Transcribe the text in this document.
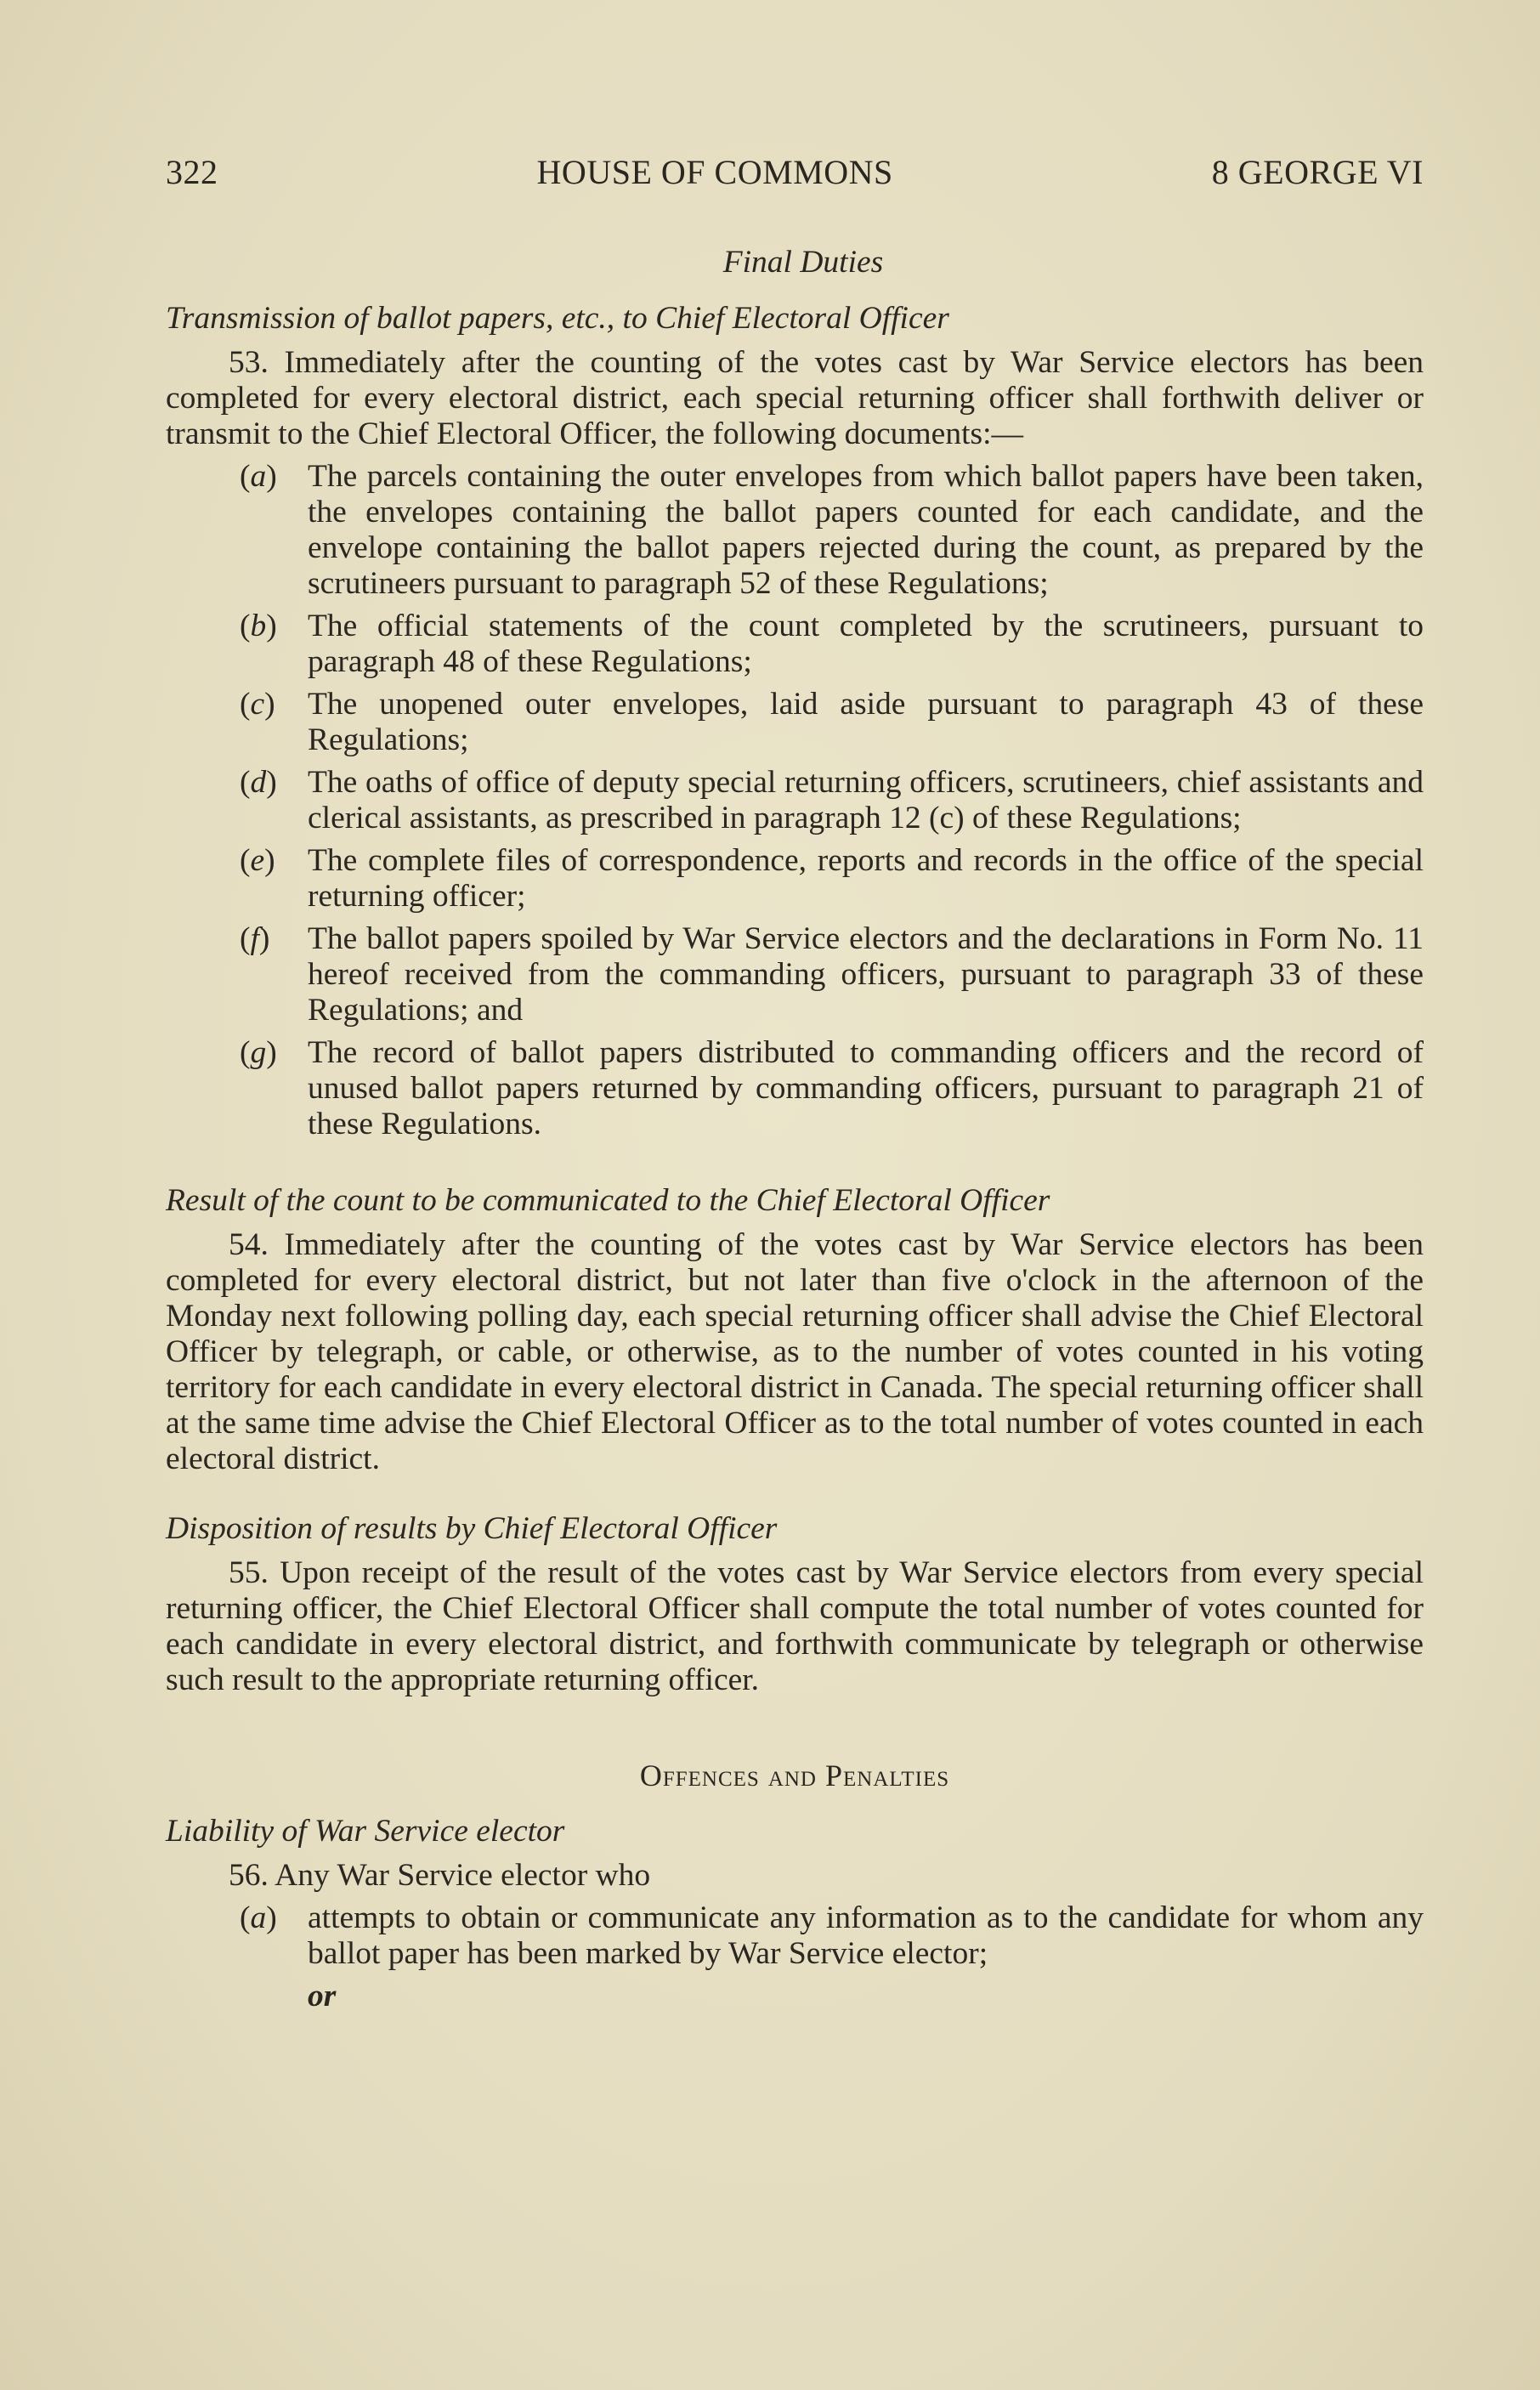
322	HOUSE OF COMMONS	8 GEORGE VI

Final Duties

Transmission of ballot papers, etc., to Chief Electoral Officer

53. Immediately after the counting of the votes cast by War Service electors has been completed for every electoral district, each special returning officer shall forthwith deliver or transmit to the Chief Electoral Officer, the following documents:—

(a) The parcels containing the outer envelopes from which ballot papers have been taken, the envelopes containing the ballot papers counted for each candidate, and the envelope containing the ballot papers rejected during the count, as prepared by the scrutineers pursuant to paragraph 52 of these Regulations;
(b) The official statements of the count completed by the scrutineers, pursuant to paragraph 48 of these Regulations;
(c)	The unopened outer envelopes, laid aside pursuant to paragraph 43 of these Regulations;
(d) The oaths of office of deputy special returning officers, scrutineers, chief assistants and clerical assistants, as prescribed in paragraph 12 (c) of these Regulations;
(e)	The complete files of correspondence, reports and records in the office of the special returning officer;
(f)	The ballot papers spoiled by War Service electors and the declarations in Form No. 11 hereof received from the commanding officers, pursuant to paragraph 33 of these Regulations; and
(g) The record of ballot papers distributed to commanding officers and the record of unused ballot papers returned by commanding officers, pursuant to paragraph 21 of these Regulations.

Result of the count to be communicated to the Chief Electoral Officer

54. Immediately after the counting of the votes cast by War Service electors has been completed for every electoral district, but not later than five o'clock in the afternoon of the Monday next following polling day, each special returning officer shall advise the Chief Electoral Officer by telegraph, or cable, or otherwise, as to the number of votes counted in his voting territory for each candidate in every electoral district in Canada. The special returning officer shall at the same time advise the Chief Electoral Officer as to the total number of votes counted in each electoral district.

Disposition of results by Chief Electoral Officer

55. Upon receipt of the result of the votes cast by War Service electors from every special returning officer, the Chief Electoral Officer shall compute the total number of votes counted for each candidate in every electoral district, and forthwith communicate by telegraph or otherwise such result to the appropriate returning officer.

Offences and Penalties

Liability of War Service elector

56. Any War Service elector who

(a) attempts to obtain or communicate any information as to the candidate for whom any ballot paper has been marked by War Service elector;
or
